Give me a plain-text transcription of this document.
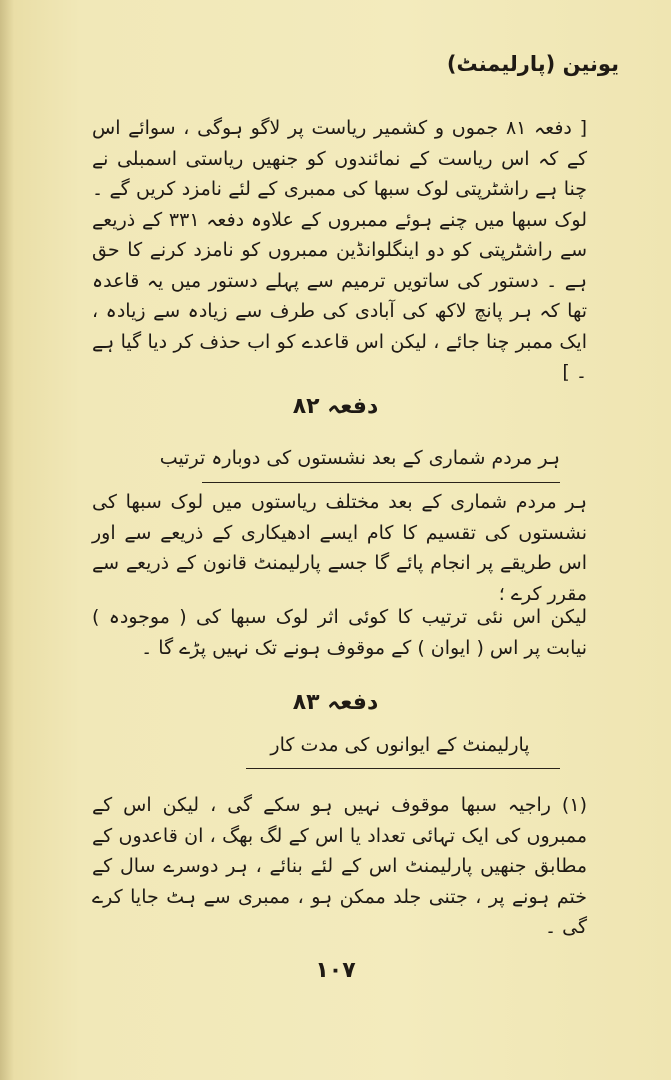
یونین (پارلیمنٹ)
[ دفعہ ۸۱ جموں و کشمیر ریاست پر لاگو ہوگی ، سوائے اس کے کہ اس ریاست کے نمائندوں کو جنھیں ریاستی اسمبلی نے چنا ہے راشٹرپتی لوک سبھا کی ممبری کے لئے نامزد کریں گے ۔ لوک سبھا میں چنے ہوئے ممبروں کے علاوہ دفعہ ۳۳۱ کے ذریعے سے راشٹرپتی کو دو اینگلوانڈین ممبروں کو نامزد کرنے کا حق ہے ۔ دستور کی ساتویں ترمیم سے پہلے دستور میں یہ قاعدہ تھا کہ ہر پانچ لاکھ کی آبادی کی طرف سے زیادہ سے زیادہ ، ایک ممبر چنا جائے ، لیکن اس قاعدے کو اب حذف کر دیا گیا ہے ۔ ]
دفعہ ۸۲
ہر مردم شماری کے بعد نشستوں کی دوبارہ ترتیب
ہر مردم شماری کے بعد مختلف ریاستوں میں لوک سبھا کی نشستوں کی تقسیم کا کام ایسے ادھیکاری کے ذریعے سے اور اس طریقے پر انجام پائے گا جسے پارلیمنٹ قانون کے ذریعے سے مقرر کرے ؛
لیکن اس نئی ترتیب کا کوئی اثر لوک سبھا کی ( موجودہ ) نیابت پر اس ( ایوان ) کے موقوف ہونے تک نہیں پڑے گا ۔
دفعہ ۸۳
پارلیمنٹ کے ایوانوں کی مدت کار
(۱) راجیہ سبھا موقوف نہیں ہو سکے گی ، لیکن اس کے ممبروں کی ایک تہائی تعداد یا اس کے لگ بھگ ، ان قاعدوں کے مطابق جنھیں پارلیمنٹ اس کے لئے بنائے ، ہر دوسرے سال کے ختم ہونے پر ، جتنی جلد ممکن ہو ، ممبری سے ہٹ جایا کرے گی ۔
۱۰۷
